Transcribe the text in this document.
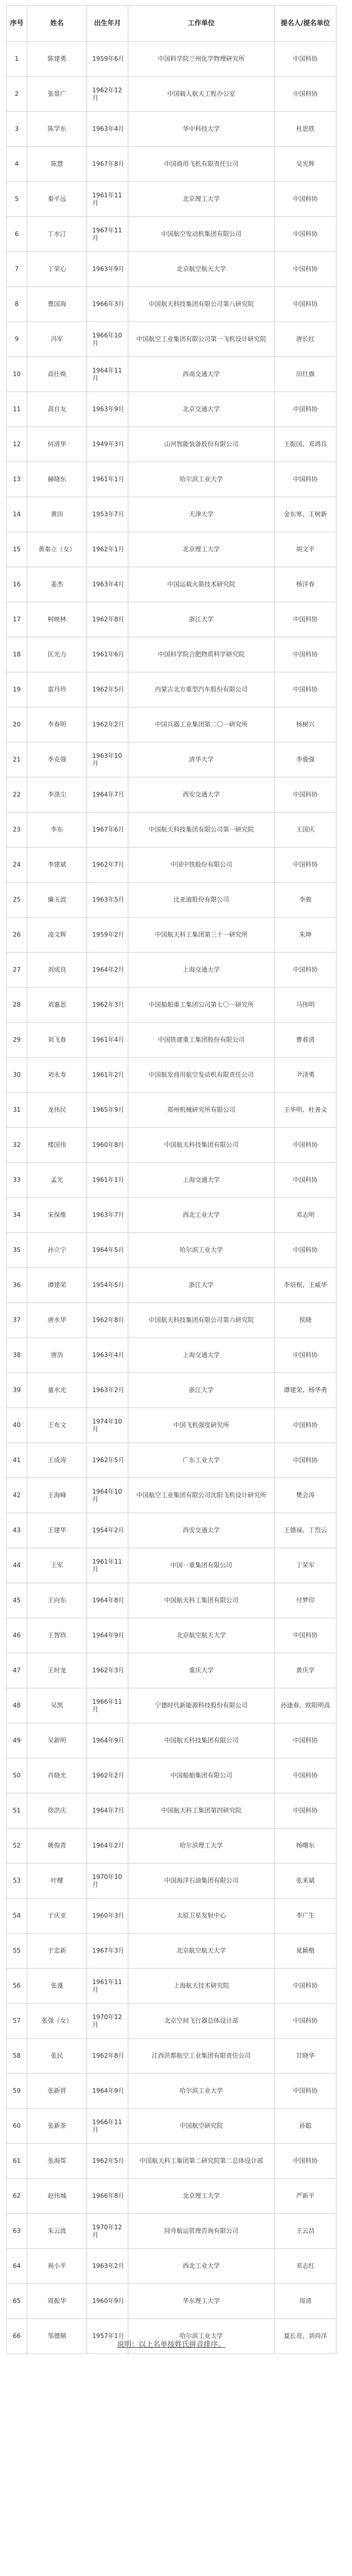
序号	姓名	出生年月	工作单位	提名人/提名单位
1	陈建勇	1959年6月	中国科学院兰州化学物理研究所	中国科协
2	张景广	1962年12月	中国载人航天工程办公室	中国科协
3	陈学东	1963年4月	华中科技大学	杜思铁
4	陈慧	1967年8月	中国商用飞机有限责任公司	吴光辉
5	秦平远	1961年11月	北京理工大学	中国科协
6	丁水汀	1967年11月	中国航空发动机集团有限公司	中国科协
7	丁荣心	1963年9月	北京航空航天大学	中国科协
8	曹国海	1966年3月	中国航天科技集团有限公司第八研究院	中国科协
9	冯军	1966年10月	中国航空工业集团有限公司第一飞机设计研究院	唐长红
10	高仕焕	1964年11月	西南交通大学	田红旗
11	高自友	1963年9月	北京交通大学	中国科协
12	何清华	1949年3月	山河智能装备股份有限公司	王振国、邓鸿兵
13	赫晓东	1961年1月	哈尔滨工业大学	中国科协
14	黄田	1953年7月	天津大学	金东寒、王树新
15	黄秦立（女）	1962年1月	北京理工大学	胡文平
16	姜杰	1963年4月	中国运载火箭技术研究院	杨洋春
17	柯映林	1962年8月	浙江大学	中国科协
18	匡光力	1961年6月	中国科学院合肥物质科学研究院	中国科协
19	雷丹珍	1962年5月	内蒙古北方重型汽车股份有限公司	中国科协
20	李春明	1962年2月	中国兵器工业集团第二〇一研究所	杨树兴
21	李克强	1963年10月	清华大学	李骏强
22	李涤尘	1964年7月	西安交通大学	中国科协
23	李东	1967年6月	中国航天科技集团有限公司第一研究院	王国庆
24	李建斌	1962年7月	中国中铁股份有限公司	中国科协
25	廉玉波	1963年5月	比亚迪股份有限公司	李骏
26	凌文辉	1959年2月	中国航天科工集团第三十一研究所	朱坤
27	刘成良	1964年2月	上海交通大学	中国科协
28	刘惠思	1962年3月	中国船舶重工集团公司第七〇一研究所	马伟明
29	刘飞春	1961年4月	中国铁建重工集团股份有限公司	曹春清
30	刘永寿	1961年2月	中国航发商用航空发动机有限责任公司	尹泽勇
31	龙伟民	1965年9月	郑州机械研究所有限公司	王华明、杜善义
32	楼国伟	1960年8月	中国航天科技集团有限公司	中国科协
33	孟光	1961年1月	上海交通大学	中国科协
34	宋保维	1963年7月	西北工业大学	邓志明
35	孙立宁	1964年5月	哈尔滨工业大学	中国科协
36	谭建荣	1954年5月	浙江大学	李培根、王威华
37	唐水华	1962年8月	中国航天科技集团有限公司第六研究院	侯晓
38	唐浩	1963年4月	上海交通大学	中国科协
39	童水光	1963年2月	浙江大学	谭建荣、杨华勇
40	王布文	1974年10月	中国飞机强度研究所	中国科协
41	王成涛	1962年5月	广东工业大学	中国科协
42	王海峰	1964年10月	中国航空工业集团有限公司沈阳飞机设计研究所	樊会涛
43	王建华	1954年2月	西安交通大学	王德禄、丁烈云
44	王军	1961年11月	中国一重集团有限公司	丁荣军
45	王向东	1964年8月	中国航天科工集团有限公司	付梦印
46	王智欣	1964年9月	北京航空航天大学	中国科协
47	王时龙	1962年3月	重庆大学	黄庆学
48	吴凯	1966年11月	宁德时代新能源科技股份有限公司	孙逢春、欧阳明高
49	吴新明	1964年9月	中国航天科技集团有限公司	中国科协
50	肖晓光	1962年2月	中国船舶集团有限公司	中国科协
51	徐洪庆	1964年7月	中国航天科工集团第四研究院	中国科协
52	姚俊青	1964年2月	哈尔滨理工大学	杨曙东
53	叶楗	1970年10月	中国海洋石油集团有限公司	张来斌
54	于庆亚	1960年3月	太原卫星发射中心	李广生
55	于忠新	1967年3月	北京航空航天大学	晁颖楷
56	张谨	1961年11月	上海航天技术研究院	中国科协
57	张强（女）	1970年12月	北京空间飞行器总体设计部	中国科协
58	张民	1962年8月	江西洪都航空工业集团有限责任公司	甘晓华
59	张新营	1964年9月	哈尔滨工业大学	中国科协
60	张新茶	1966年11月	中国航空研究院	孙聪
61	张海帮	1962年5月	中国航天科工集团第二研究院第二总体设计部	中国科协
62	赵伟城	1966年8月	北京理工大学	严新平
63	朱云波	1970年12月	同舟航运管理咨询有限公司	王云昌
64	祝小平	1963年2月	西北工业大学	邓志红
65	周振华	1960年9月	华东理工大学	周清
66	邹德顺	1957年1月	哈尔滨工业大学	夏长亮、刘尚洋
说明：以上名单按姓氏拼音排序。
